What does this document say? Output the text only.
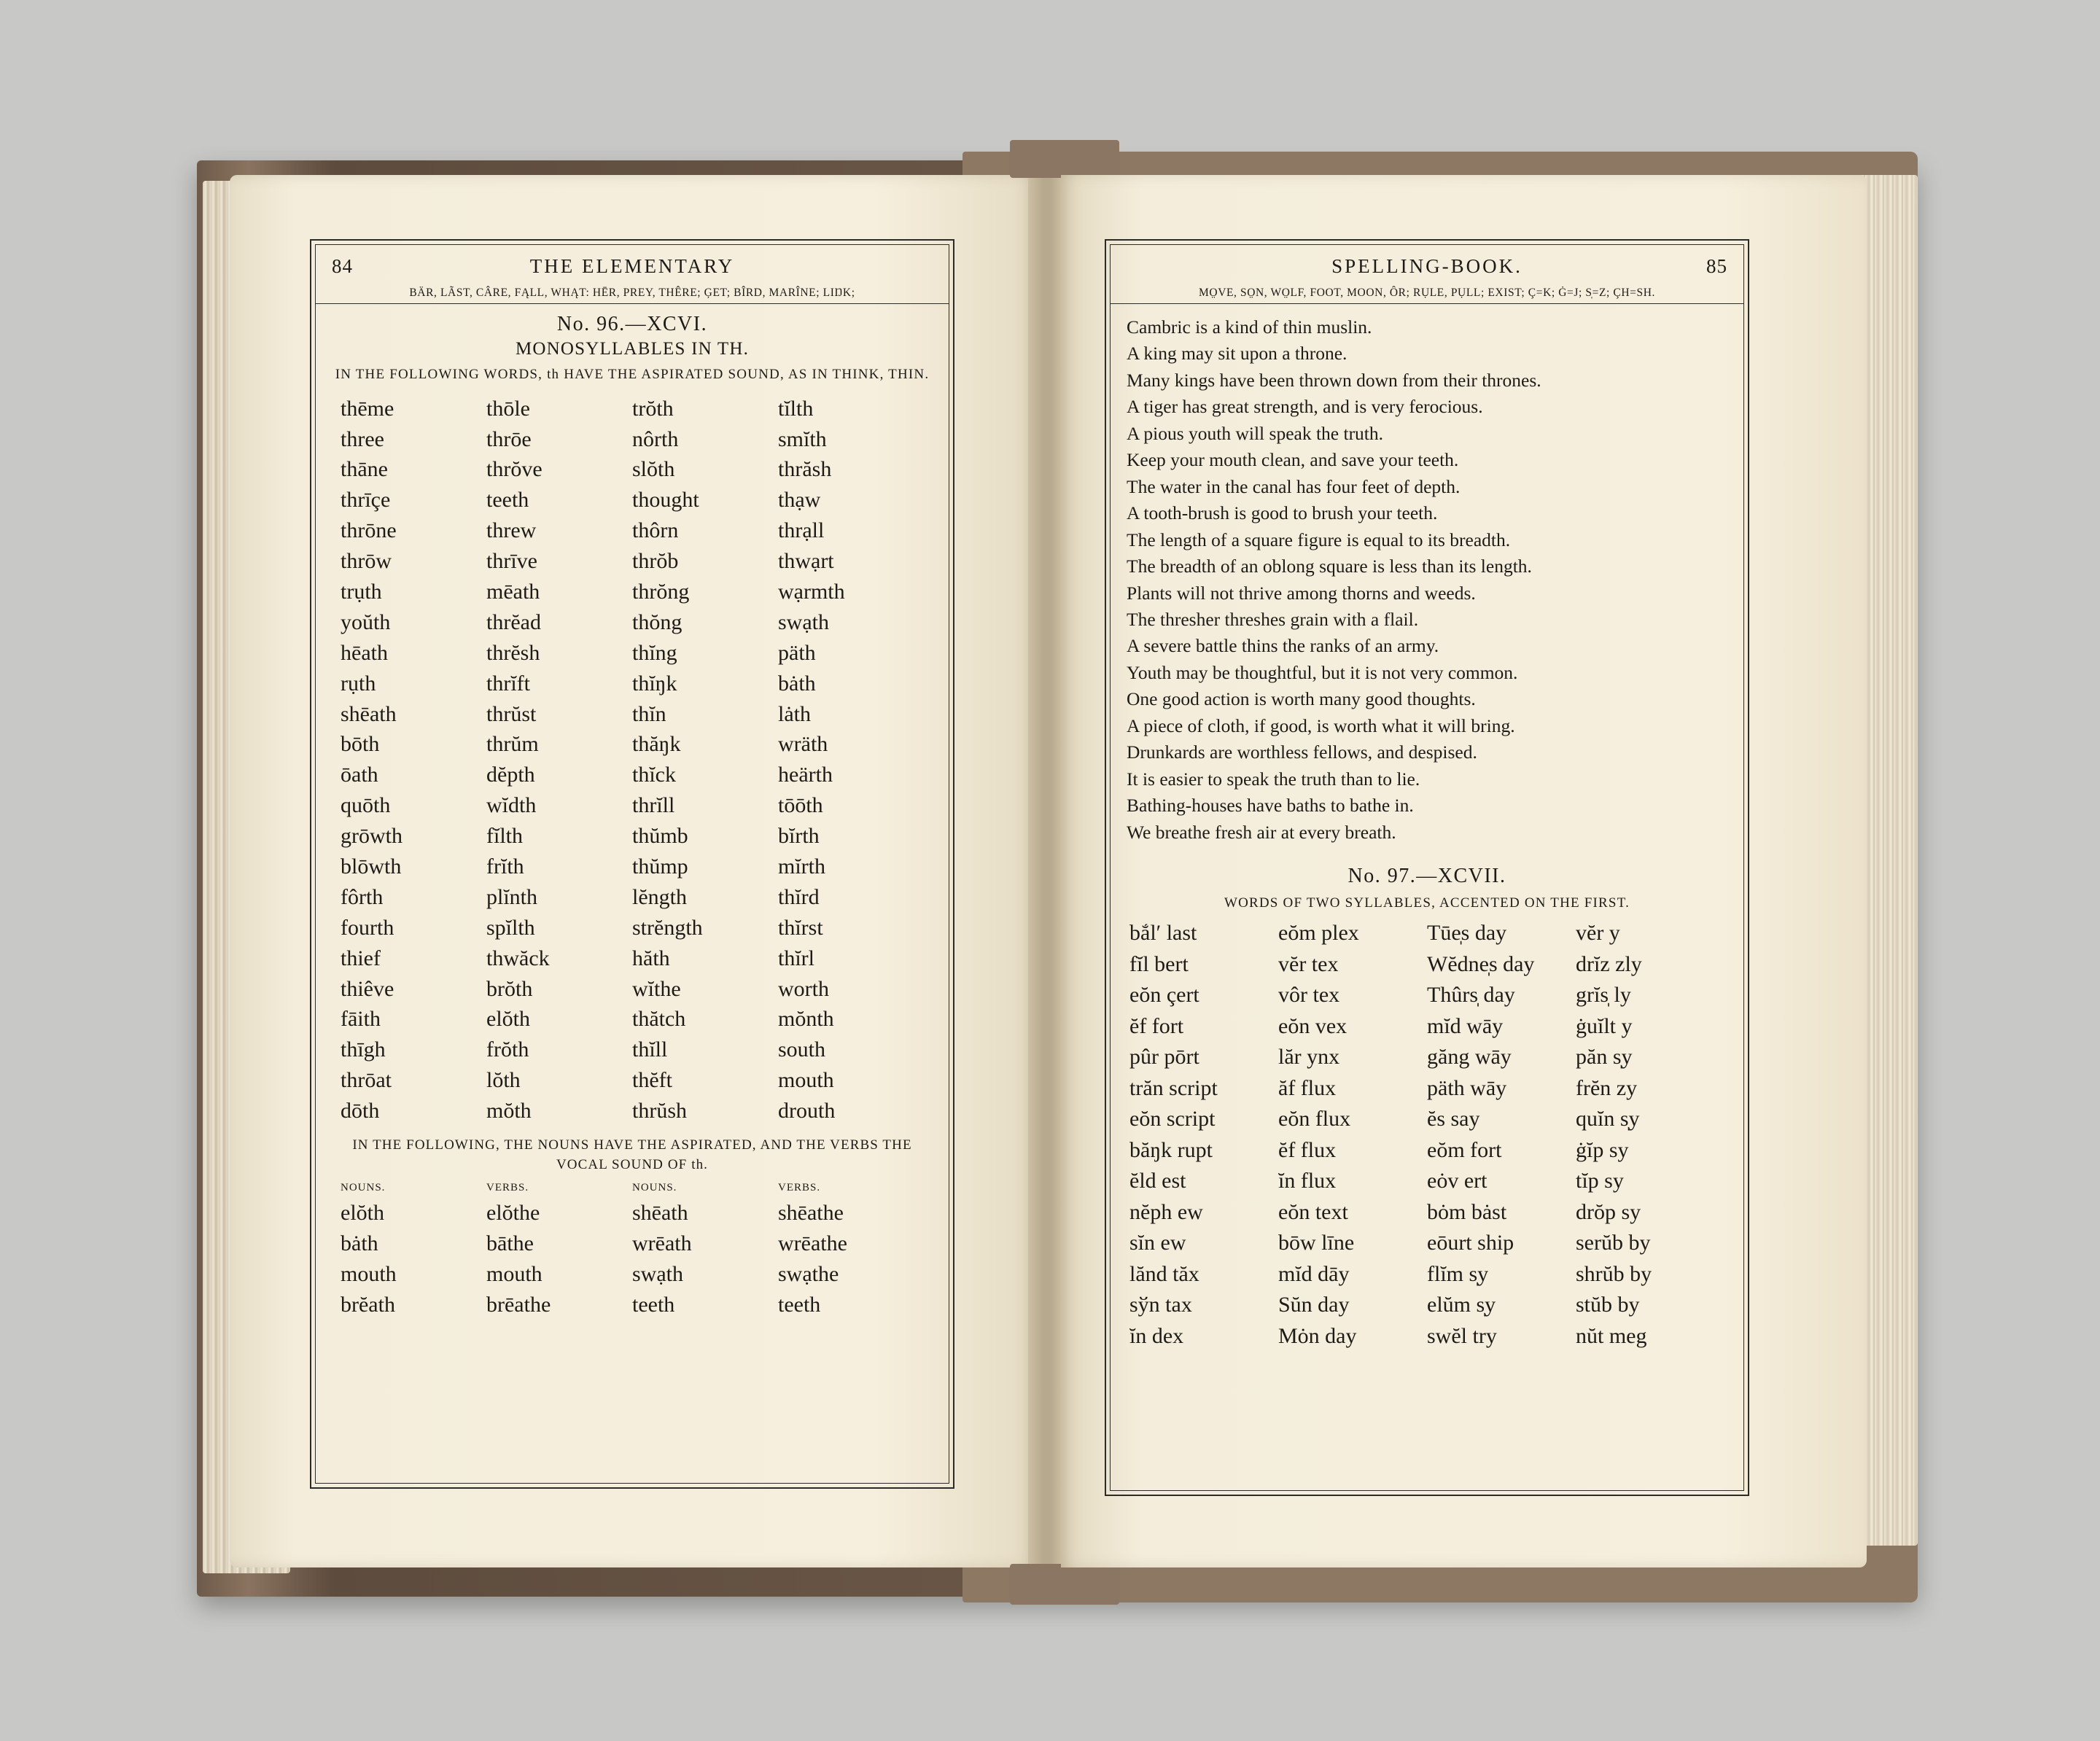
84	THE ELEMENTARY
BÄR, LÃST, CÂRE, FĄLL, WHĄT: HĒR, PREY, THÊRE; ĢET; BÎRD, MARÎNE; LIŊK;
No. 96.—XCVI.
MONOSYLLABLES IN TH.
IN THE FOLLOWING WORDS, th HAVE THE ASPIRATED SOUND, AS IN THINK, THIN.
thēme	thōle	trŏth	tĭlth
three	thrōe	nôrth	smĭth
thāne	thrŏve	slŏth	thrăsh
thrīçe	teeth	thought	thạw
thrōne	threw	thôrn	thrạll
thrōw	thrīve	thrŏb	thwạrt
trụth	mēath	thrŏng	wạrmth
yoŭth	thrĕad	thŏng	swạth
hēath	thrĕsh	thĭng	päth
rụth	thrĭft	thĭŋk	bȧth
shēath	thrŭst	thĭn	lȧth
bōth	thrŭm	thăŋk	wräth
ōath	dĕpth	thĭck	heärth
quōth	wĭdth	thrĭll	tōōth
grōwth	fĭlth	thŭmb	bĭrth
blōwth	frĭth	thŭmp	mĭrth
fôrth	plĭnth	lĕngth	thĭrd
fourth	spĭlth	strĕngth	thĭrst
thief	thwăck	hăth	thĭrl
thiêve	brŏth	wĭthe	worth
fāith	elŏth	thătch	mŏnth
thīgh	frŏth	thĭll	south
thrōat	lŏth	thĕft	mouth
dōth	mŏth	thrŭsh	drouth
IN THE FOLLOWING, THE NOUNS HAVE THE ASPIRATED, AND THE VERBS THE VOCAL SOUND OF th.
NOUNS.	VERBS.	NOUNS.	VERBS.
elŏth	elŏthe	shēath	shēathe
bȧth	bāthe	wrēath	wrēathe
mouth	mouth	swạth	swạthe
brĕath	brēathe	teeth	teeth
SPELLING-BOOK.	85
MO̤VE, SO̤N, WO̤LF, FOOT, MOON, ÔR; RỤLE, PỤLL; EXIST; Ç=K; Ġ=J; S̩=Z; ÇH=SH.
Cambric is a kind of thin muslin.
A king may sit upon a throne.
Many kings have been thrown down from their thrones.
A tiger has great strength, and is very ferocious.
A pious youth will speak the truth.
Keep your mouth clean, and save your teeth.
The water in the canal has four feet of depth.
A tooth-brush is good to brush your teeth.
The length of a square figure is equal to its breadth.
The breadth of an oblong square is less than its length.
Plants will not thrive among thorns and weeds.
The thresher threshes grain with a flail.
A severe battle thins the ranks of an army.
Youth may be thoughtful, but it is not very common.
One good action is worth many good thoughts.
A piece of cloth, if good, is worth what it will bring.
Drunkards are worthless fellows, and despised.
It is easier to speak the truth than to lie.
Bathing-houses have baths to bathe in.
We breathe fresh air at every breath.
No. 97.—XCVII.
WORDS OF TWO SYLLABLES, ACCENTED ON THE FIRST.
bắl′ last	eŏm plex	Tūe̩s day	vĕr y
fĭl bert	vĕr tex	Wĕdne̩s day	drĭz zly
eŏn çert	vôr tex	Thûrs̩ day	grĭs̩ ly
ĕf fort	eŏn vex	mĭd wāy	ġuĭlt y
pûr pōrt	lăr ynx	găng wāy	păn s̩y
trăn script	ăf flux	päth wāy	frĕn zy
eŏn script	eŏn flux	ĕs say	quĭn s̩y
băŋk rupt	ĕf flux	eŏm fort	ġĭp sy
ĕld est	ĭn flux	eȯv ert	tĭp sy
nĕph ew	eŏn text	bȯm bȧst	drŏp sy
sĭn ew	bōw līne	eōurt ship	serŭb by
lănd tăx	mĭd dāy	flĭm s̩y	shrŭb by
sўn tax	Sŭn day	elŭm s̩y	stŭb by
ĭn dex	Mȯn day	swĕl try	nŭt meg
